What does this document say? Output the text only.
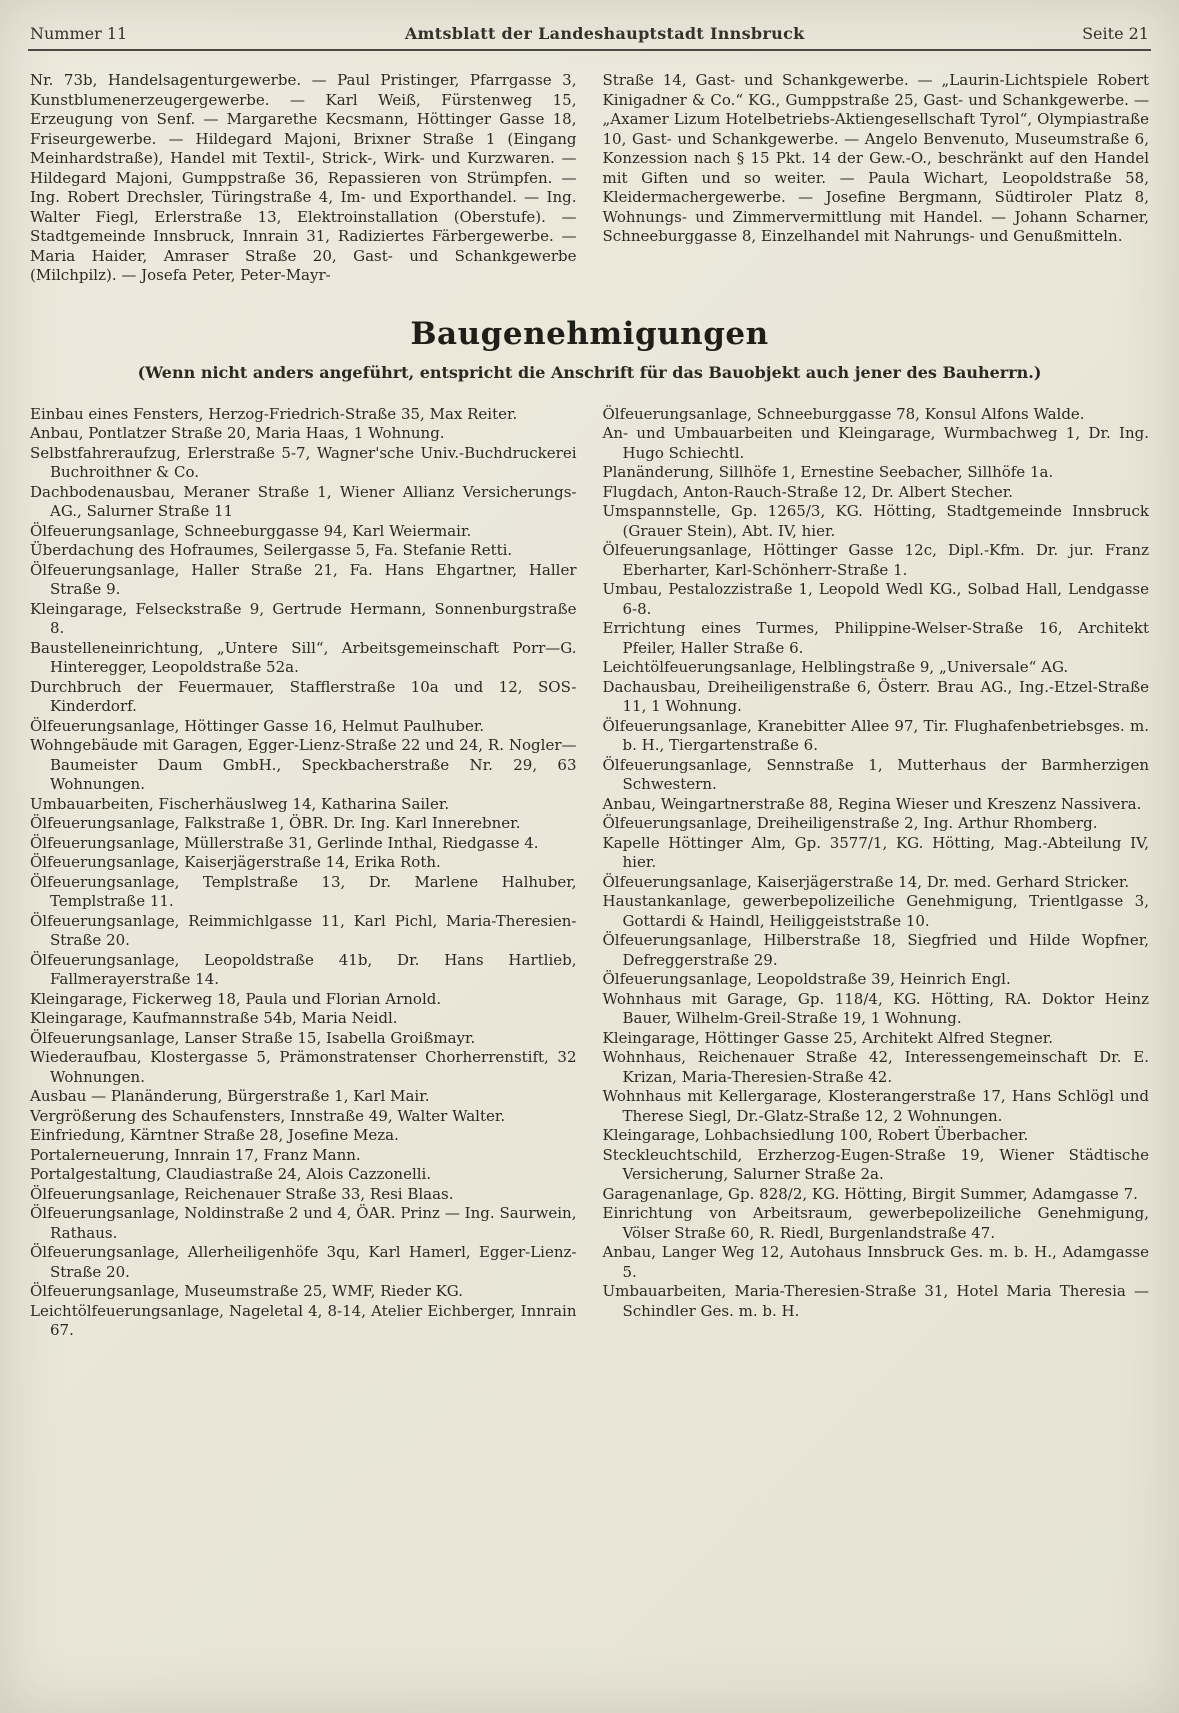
Nummer 11	Amtsblatt der Landeshauptstadt Innsbruck	Seite 21

Nr. 73b, Handelsagenturgewerbe. — Paul Pristinger, Pfarrgasse 3, Kunstblumenerzeugergewerbe. — Karl Weiß, Fürstenweg 15, Erzeugung von Senf. — Margarethe Kecsmann, Höttinger Gasse 18, Friseurgewerbe. — Hildegard Majoni, Brixner Straße 1 (Eingang Meinhardstraße), Handel mit Textil-, Strick-, Wirk- und Kurzwaren. — Hildegard Majoni, Gumppstraße 36, Repassieren von Strümpfen. — Ing. Robert Drechsler, Türingstraße 4, Im- und Exporthandel. — Ing. Walter Fiegl, Erlerstraße 13, Elektroinstallation (Oberstufe). — Stadtgemeinde Innsbruck, Innrain 31, Radiziertes Färbergewerbe. — Maria Haider, Amraser Straße 20, Gast- und Schankgewerbe (Milchpilz). — Josefa Peter, Peter-Mayr-

Straße 14, Gast- und Schankgewerbe. — „Laurin-Lichtspiele Robert Kinigadner & Co.“ KG., Gumppstraße 25, Gast- und Schankgewerbe. — „Axamer Lizum Hotelbetriebs-Aktiengesellschaft Tyrol“, Olympiastraße 10, Gast- und Schankgewerbe. — Angelo Benvenuto, Museumstraße 6, Konzession nach § 15 Pkt. 14 der Gew.-O., beschränkt auf den Handel mit Giften und so weiter. — Paula Wichart, Leopoldstraße 58, Kleidermachergewerbe. — Josefine Bergmann, Südtiroler Platz 8, Wohnungs- und Zimmervermittlung mit Handel. — Johann Scharner, Schneeburggasse 8, Einzelhandel mit Nahrungs- und Genußmitteln.

Baugenehmigungen

(Wenn nicht anders angeführt, entspricht die Anschrift für das Bauobjekt auch jener des Bauherrn.)

Einbau eines Fensters, Herzog-Friedrich-Straße 35, Max Reiter.

Anbau, Pontlatzer Straße 20, Maria Haas, 1 Wohnung.

Selbstfahreraufzug, Erlerstraße 5-7, Wagner'sche Univ.-Buchdruckerei Buchroithner & Co.

Dachbodenausbau, Meraner Straße 1, Wiener Allianz Versicherungs-AG., Salurner Straße 11

Ölfeuerungsanlage, Schneeburggasse 94, Karl Weiermair.

Überdachung des Hofraumes, Seilergasse 5, Fa. Stefanie Retti.

Ölfeuerungsanlage, Haller Straße 21, Fa. Hans Ehgartner, Haller Straße 9.

Kleingarage, Felseckstraße 9, Gertrude Hermann, Sonnenburgstraße 8.

Baustelleneinrichtung, „Untere Sill“, Arbeitsgemeinschaft Porr—G. Hinteregger, Leopoldstraße 52a.

Durchbruch der Feuermauer, Stafflerstraße 10a und 12, SOS-Kinderdorf.

Ölfeuerungsanlage, Höttinger Gasse 16, Helmut Paulhuber.

Wohngebäude mit Garagen, Egger-Lienz-Straße 22 und 24, R. Nogler—Baumeister Daum GmbH., Speckbacherstraße Nr. 29, 63 Wohnungen.

Umbauarbeiten, Fischerhäuslweg 14, Katharina Sailer.

Ölfeuerungsanlage, Falkstraße 1, ÖBR. Dr. Ing. Karl Innerebner.

Ölfeuerungsanlage, Müllerstraße 31, Gerlinde Inthal, Riedgasse 4.

Ölfeuerungsanlage, Kaiserjägerstraße 14, Erika Roth.

Ölfeuerungsanlage, Templstraße 13, Dr. Marlene Halhuber, Templstraße 11.

Ölfeuerungsanlage, Reimmichlgasse 11, Karl Pichl, Maria-Theresien-Straße 20.

Ölfeuerungsanlage, Leopoldstraße 41b, Dr. Hans Hartlieb, Fallmerayerstraße 14.

Kleingarage, Fickerweg 18, Paula und Florian Arnold.

Kleingarage, Kaufmannstraße 54b, Maria Neidl.

Ölfeuerungsanlage, Lanser Straße 15, Isabella Groißmayr.

Wiederaufbau, Klostergasse 5, Prämonstratenser Chorherrenstift, 32 Wohnungen.

Ausbau — Planänderung, Bürgerstraße 1, Karl Mair.

Vergrößerung des Schaufensters, Innstraße 49, Walter Walter.

Einfriedung, Kärntner Straße 28, Josefine Meza.

Portalerneuerung, Innrain 17, Franz Mann.

Portalgestaltung, Claudiastraße 24, Alois Cazzonelli.

Ölfeuerungsanlage, Reichenauer Straße 33, Resi Blaas.

Ölfeuerungsanlage, Noldinstraße 2 und 4, ÖAR. Prinz — Ing. Saurwein, Rathaus.

Ölfeuerungsanlage, Allerheiligenhöfe 3qu, Karl Hamerl, Egger-Lienz-Straße 20.

Ölfeuerungsanlage, Museumstraße 25, WMF, Rieder KG.

Leichtölfeuerungsanlage, Nageletal 4, 8-14, Atelier Eichberger, Innrain 67.

Ölfeuerungsanlage, Schneeburggasse 78, Konsul Alfons Walde.

An- und Umbauarbeiten und Kleingarage, Wurmbachweg 1, Dr. Ing. Hugo Schiechtl.

Planänderung, Sillhöfe 1, Ernestine Seebacher, Sillhöfe 1a.

Flugdach, Anton-Rauch-Straße 12, Dr. Albert Stecher.

Umspannstelle, Gp. 1265/3, KG. Hötting, Stadtgemeinde Innsbruck (Grauer Stein), Abt. IV, hier.

Ölfeuerungsanlage, Höttinger Gasse 12c, Dipl.-Kfm. Dr. jur. Franz Eberharter, Karl-Schönherr-Straße 1.

Umbau, Pestalozzistraße 1, Leopold Wedl KG., Solbad Hall, Lendgasse 6-8.

Errichtung eines Turmes, Philippine-Welser-Straße 16, Architekt Pfeiler, Haller Straße 6.

Leichtölfeuerungsanlage, Helblingstraße 9, „Universale“ AG.

Dachausbau, Dreiheiligenstraße 6, Österr. Brau AG., Ing.-Etzel-Straße 11, 1 Wohnung.

Ölfeuerungsanlage, Kranebitter Allee 97, Tir. Flughafenbetriebsges. m. b. H., Tiergartenstraße 6.

Ölfeuerungsanlage, Sennstraße 1, Mutterhaus der Barmherzigen Schwestern.

Anbau, Weingartnerstraße 88, Regina Wieser und Kreszenz Nassivera.

Ölfeuerungsanlage, Dreiheiligenstraße 2, Ing. Arthur Rhomberg.

Kapelle Höttinger Alm, Gp. 3577/1, KG. Hötting, Mag.-Abteilung IV, hier.

Ölfeuerungsanlage, Kaiserjägerstraße 14, Dr. med. Gerhard Stricker.

Haustankanlage, gewerbepolizeiliche Genehmigung, Trientlgasse 3, Gottardi & Haindl, Heiliggeiststraße 10.

Ölfeuerungsanlage, Hilberstraße 18, Siegfried und Hilde Wopfner, Defreggerstraße 29.

Ölfeuerungsanlage, Leopoldstraße 39, Heinrich Engl.

Wohnhaus mit Garage, Gp. 118/4, KG. Hötting, RA. Doktor Heinz Bauer, Wilhelm-Greil-Straße 19, 1 Wohnung.

Kleingarage, Höttinger Gasse 25, Architekt Alfred Stegner.

Wohnhaus, Reichenauer Straße 42, Interessengemeinschaft Dr. E. Krizan, Maria-Theresien-Straße 42.

Wohnhaus mit Kellergarage, Klosterangerstraße 17, Hans Schlögl und Therese Siegl, Dr.-Glatz-Straße 12, 2 Wohnungen.

Kleingarage, Lohbachsiedlung 100, Robert Überbacher.

Steckleuchtschild, Erzherzog-Eugen-Straße 19, Wiener Städtische Versicherung, Salurner Straße 2a.

Garagenanlage, Gp. 828/2, KG. Hötting, Birgit Summer, Adamgasse 7.

Einrichtung von Arbeitsraum, gewerbepolizeiliche Genehmigung, Völser Straße 60, R. Riedl, Burgenlandstraße 47.

Anbau, Langer Weg 12, Autohaus Innsbruck Ges. m. b. H., Adamgasse 5.

Umbauarbeiten, Maria-Theresien-Straße 31, Hotel Maria Theresia — Schindler Ges. m. b. H.
